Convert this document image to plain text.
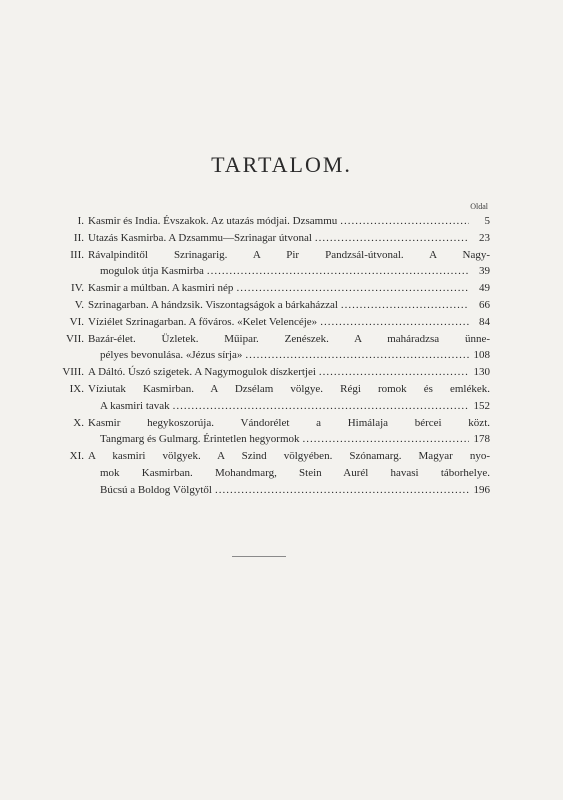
TARTALOM.
Oldal
I. Kasmir és India. Évszakok. Az utazás módjai. Dzsammu .....	5
II. Utazás Kasmirba. A Dzsammu—Szrinagar útvonal .....	23
III. Rávalpinditől Szrinagarig. A Pir Pandzsál-útvonal. A Nagy-
mogulok útja Kasmirba .....	39
IV. Kasmir a múltban. A kasmiri nép .....	49
V. Szrinagarban. A hándzsik. Viszontagságok a bárkaházzal .....	66
VI. Víziélet Szrinagarban. A főváros. «Kelet Velencéje» .....	84
VII. Bazár-élet. Üzletek. Műipar. Zenészek. A maháradzsa ünne-
pélyes bevonulása. «Jézus sírja» .....	108
VIII. A Dáltó. Úszó szigetek. A Nagymogulok díszkertjei .....	130
IX. Víziutak Kasmirban. A Dzsélam völgye. Régi romok és emlékek.
A kasmiri tavak .....	152
X. Kasmir hegykoszorúja. Vándorélet a Himálaja bércei közt.
Tangmarg és Gulmarg. Érintetlen hegyormok .....	178
XI. A kasmiri völgyek. A Szind völgyében. Szónamarg. Magyar nyo-
mok Kasmirban. Mohandmarg, Stein Aurél havasi táborhelye.
Búcsú a Boldog Völgytől .....	196
